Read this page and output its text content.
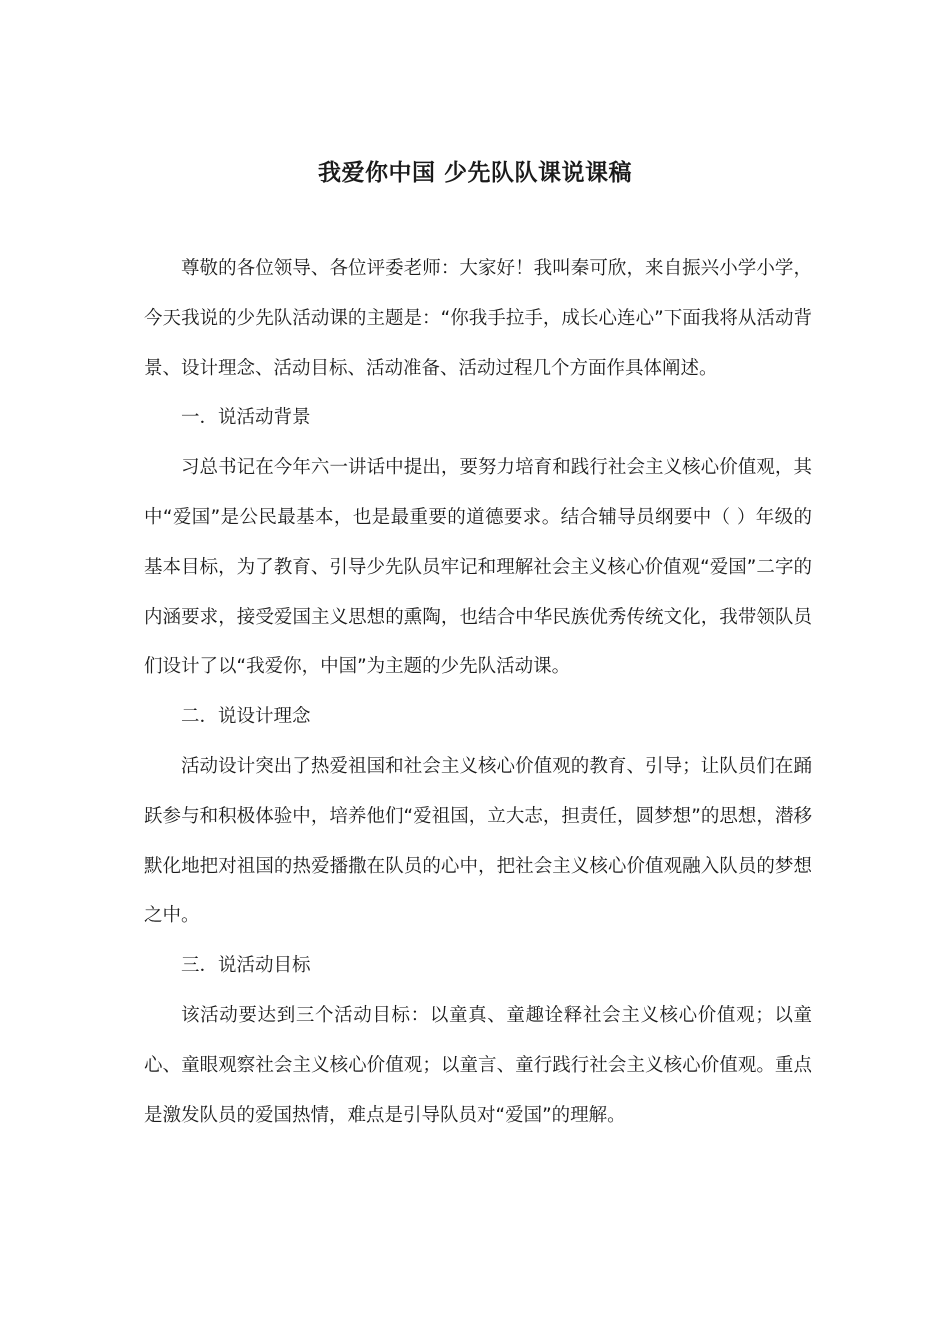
我爱你中国 少先队队课说课稿

尊敬的各位领导、各位评委老师：大家好！我叫秦可欣，来自振兴小学小学，今天我说的少先队活动课的主题是：“你我手拉手，成长心连心”下面我将从活动背景、设计理念、活动目标、活动准备、活动过程几个方面作具体阐述。

一．说活动背景

习总书记在今年六一讲话中提出，要努力培育和践行社会主义核心价值观，其中“爱国”是公民最基本，也是最重要的道德要求。结合辅导员纲要中（ ）年级的基本目标，为了教育、引导少先队员牢记和理解社会主义核心价值观“爱国”二字的内涵要求，接受爱国主义思想的熏陶，也结合中华民族优秀传统文化，我带领队员们设计了以“我爱你，中国”为主题的少先队活动课。

二．说设计理念

活动设计突出了热爱祖国和社会主义核心价值观的教育、引导；让队员们在踊跃参与和积极体验中，培养他们“爱祖国，立大志，担责任，圆梦想”的思想，潜移默化地把对祖国的热爱播撒在队员的心中，把社会主义核心价值观融入队员的梦想之中。

三．说活动目标

该活动要达到三个活动目标：以童真、童趣诠释社会主义核心价值观；以童心、童眼观察社会主义核心价值观；以童言、童行践行社会主义核心价值观。重点是激发队员的爱国热情，难点是引导队员对“爱国”的理解。
